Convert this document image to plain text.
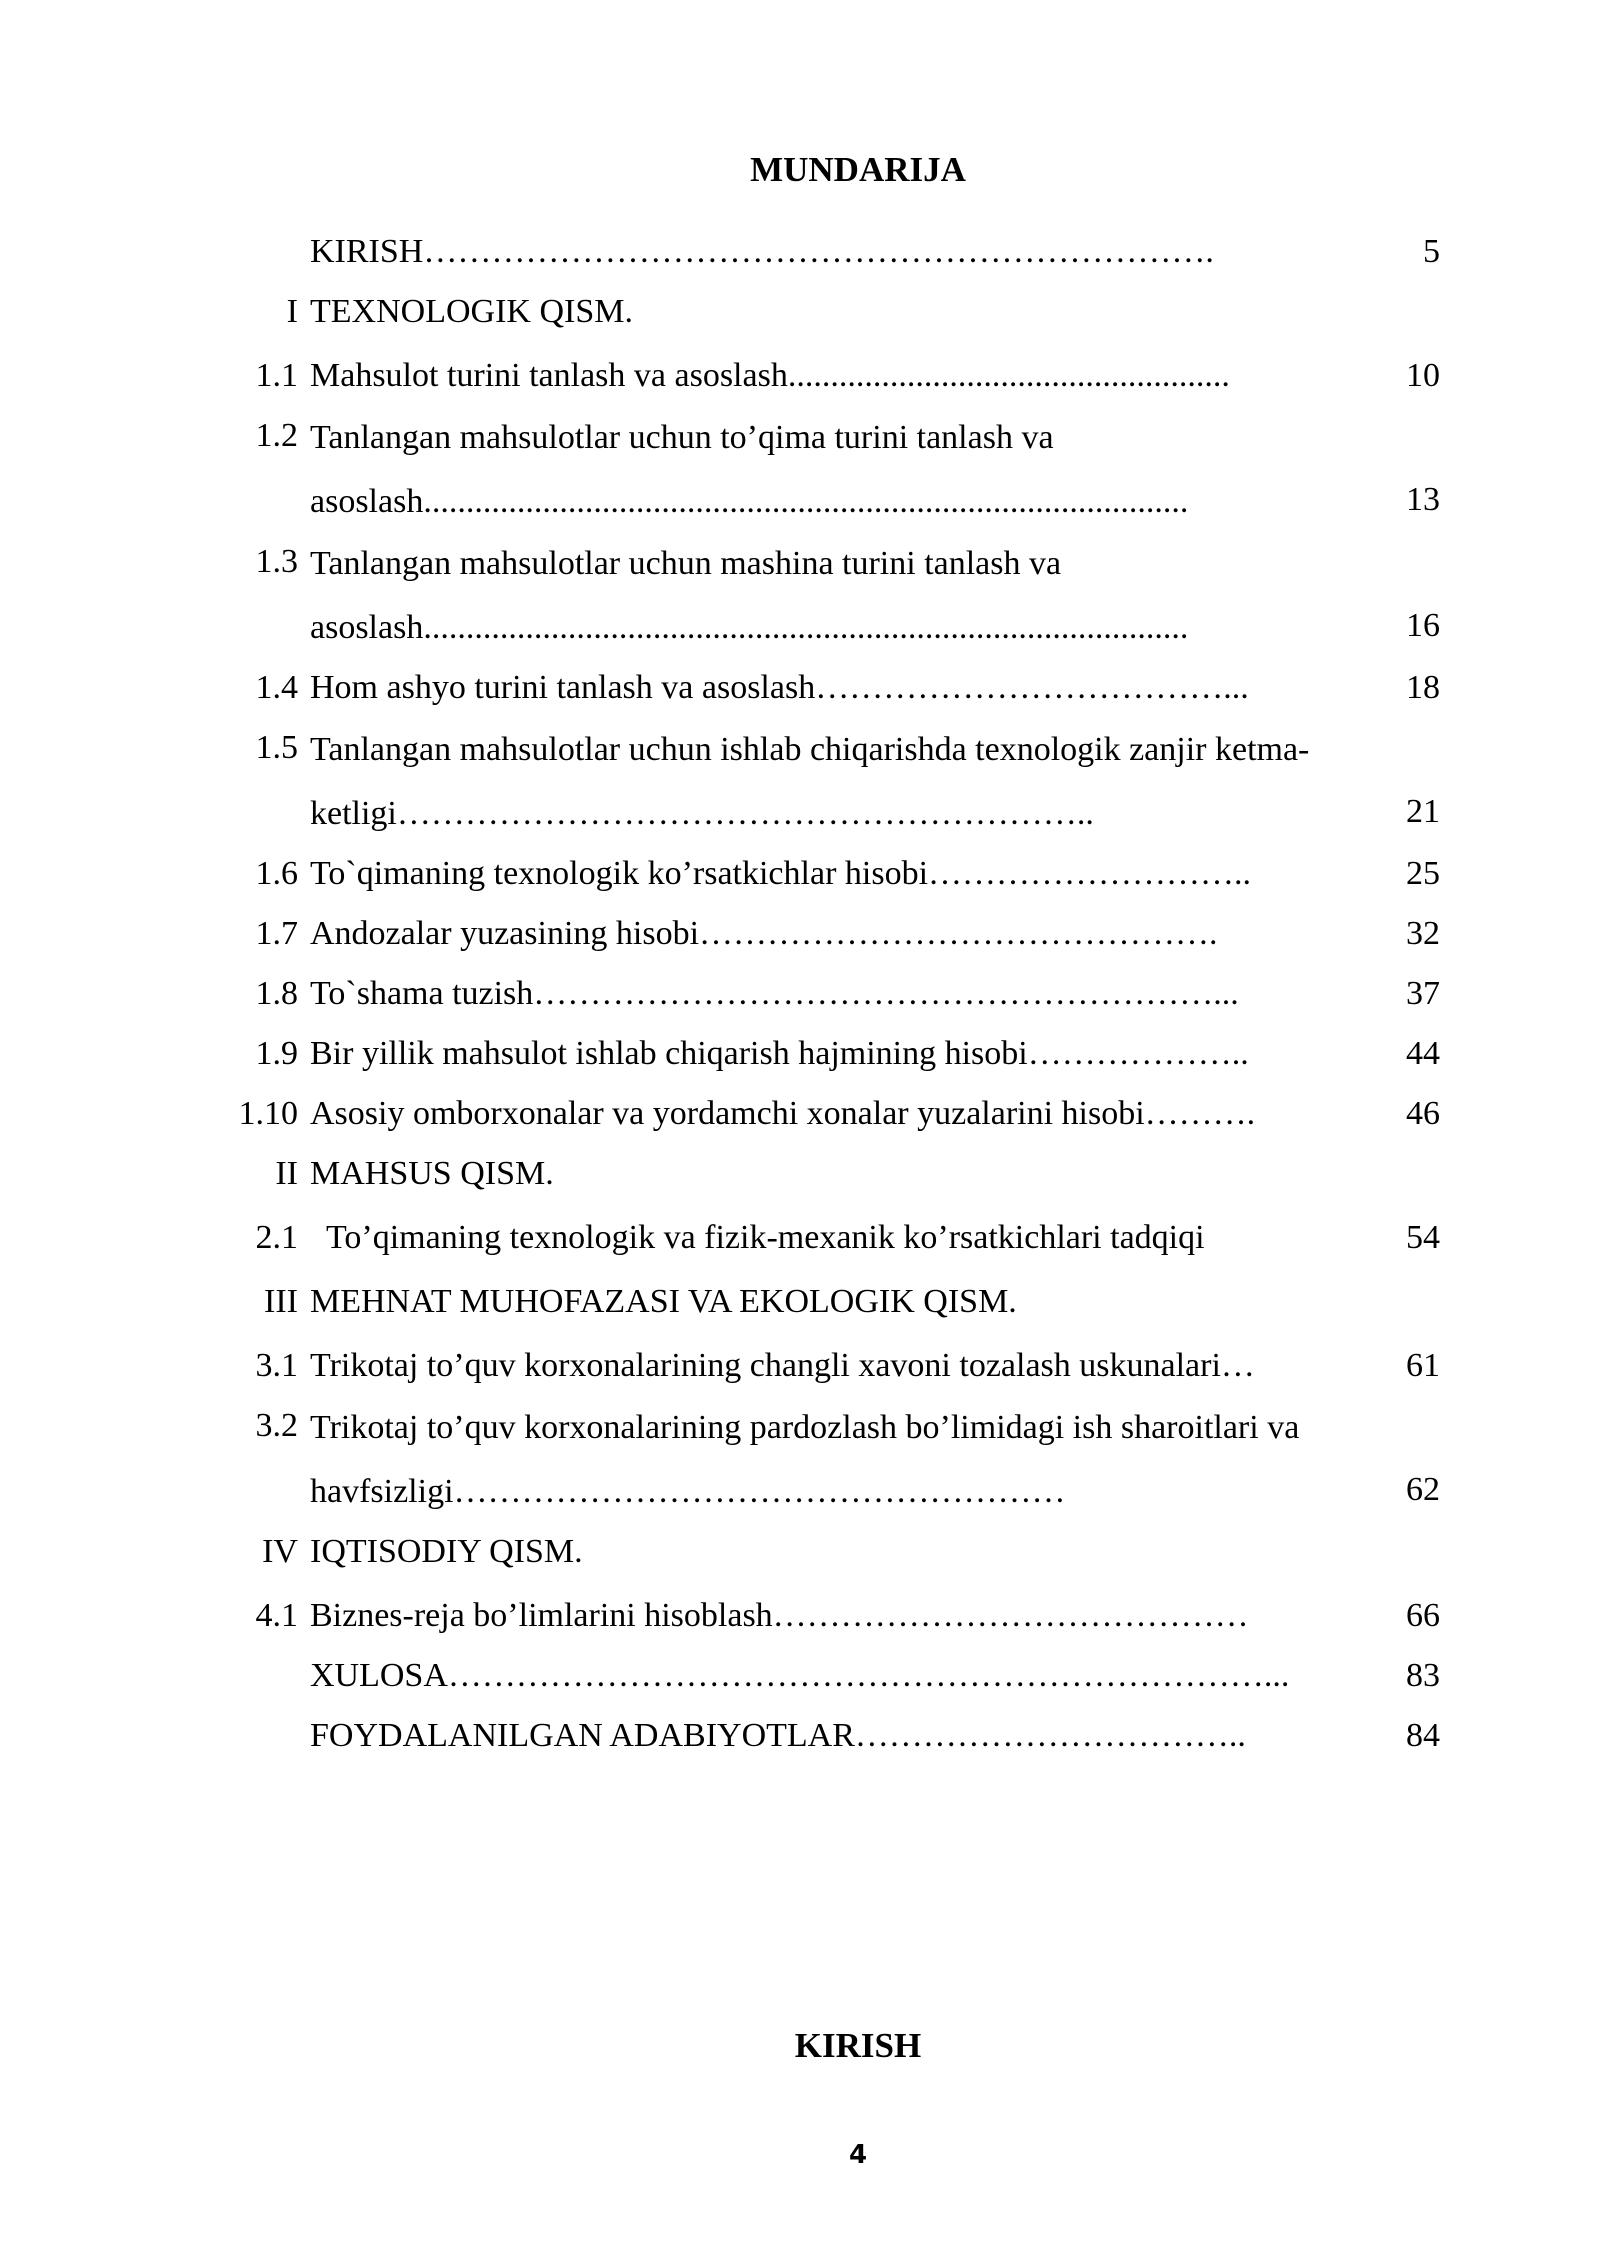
MUNDARIJA
KIRISH…………………………………………………………….	5
I TEXNOLOGIK QISM.
1.1 Mahsulot turini tanlash va asoslash....................................................	10
1.2 Tanlangan mahsulotlar uchun to’qima turini tanlash va asoslash..........................................................................................	13
1.3 Tanlangan mahsulotlar uchun mashina turini tanlash va asoslash..........................................................................................	16
1.4 Hom ashyo turini tanlash va asoslash………………………………...	18
1.5 Tanlangan mahsulotlar uchun ishlab chiqarishda texnologik zanjir ketma-ketligi……………………………………………………..	21
1.6 To`qimaning texnologik ko’rsatkichlar hisobi………………………..	25
1.7 Andozalar yuzasining hisobi……………………………………….	32
1.8 To`shama tuzish……………………………………………………...	37
1.9 Bir yillik mahsulot ishlab chiqarish hajmining hisobi………………..	44
1.10 Asosiy omborxonalar va yordamchi xonalar yuzalarini hisobi……….	46
II MAHSUS QISM.
2.1 To’qimaning texnologik va fizik-mexanik ko’rsatkichlari tadqiqi	54
III MEHNAT MUHOFAZASI VA EKOLOGIK QISM.
3.1 Trikotaj to’quv korxonalarining changli xavoni tozalash uskunalari…	61
3.2 Trikotaj to’quv korxonalarining pardozlash bo’limidagi ish sharoitlari va havfsizligi………………………………………………	62
IV IQTISODIY QISM.
4.1 Biznes-reja bo’limlarini hisoblash……………………………………	66
XULOSA………………………………………………………………...	83
FOYDALANILGAN ADABIYOTLAR……………………………..	84
KIRISH
4
